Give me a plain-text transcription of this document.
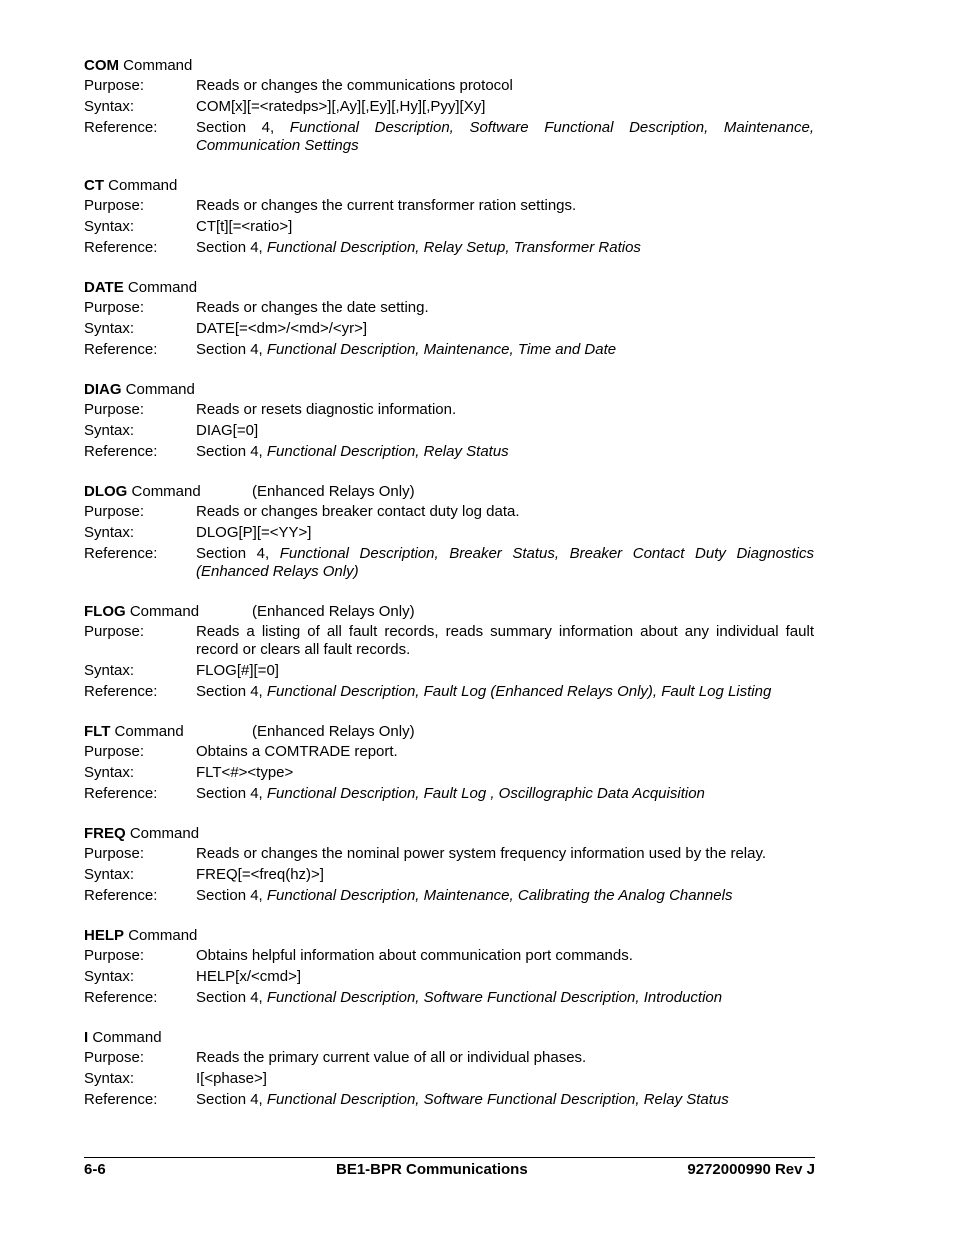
COM Command
Purpose:	Reads or changes the communications protocol
Syntax:	COM[x][=<ratedps>][,Ay][,Ey][,Hy][,Pyy][Xy]
Reference:	Section 4, Functional Description, Software Functional Description, Maintenance, Communication Settings
CT Command
Purpose:	Reads or changes the current transformer ration settings.
Syntax:	CT[t][=<ratio>]
Reference:	Section 4, Functional Description, Relay Setup, Transformer Ratios
DATE Command
Purpose:	Reads or changes the date setting.
Syntax:	DATE[=<dm>/<md>/<yr>]
Reference:	Section 4, Functional Description, Maintenance, Time and Date
DIAG Command
Purpose:	Reads or resets diagnostic information.
Syntax:	DIAG[=0]
Reference:	Section 4, Functional Description, Relay Status
DLOG Command	(Enhanced Relays Only)
Purpose:	Reads or changes breaker contact duty log data.
Syntax:	DLOG[P][=<YY>]
Reference:	Section 4, Functional Description, Breaker Status, Breaker Contact Duty Diagnostics (Enhanced Relays Only)
FLOG Command	(Enhanced Relays Only)
Purpose:	Reads a listing of all fault records, reads summary information about any individual fault record or clears all fault records.
Syntax:	FLOG[#][=0]
Reference:	Section 4, Functional Description, Fault Log (Enhanced Relays Only), Fault Log Listing
FLT Command	(Enhanced Relays Only)
Purpose:	Obtains a COMTRADE report.
Syntax:	FLT<#><type>
Reference:	Section 4, Functional Description, Fault Log , Oscillographic Data Acquisition
FREQ Command
Purpose:	Reads or changes the nominal power system frequency information used by the relay.
Syntax:	FREQ[=<freq(hz)>]
Reference:	Section 4, Functional Description, Maintenance, Calibrating the Analog Channels
HELP Command
Purpose:	Obtains helpful information about communication port commands.
Syntax:	HELP[x/<cmd>]
Reference:	Section 4, Functional Description, Software Functional Description, Introduction
I Command
Purpose:	Reads the primary current value of all or individual phases.
Syntax:	I[<phase>]
Reference:	Section 4, Functional Description, Software Functional Description, Relay Status
6-6	BE1-BPR Communications	9272000990 Rev J
